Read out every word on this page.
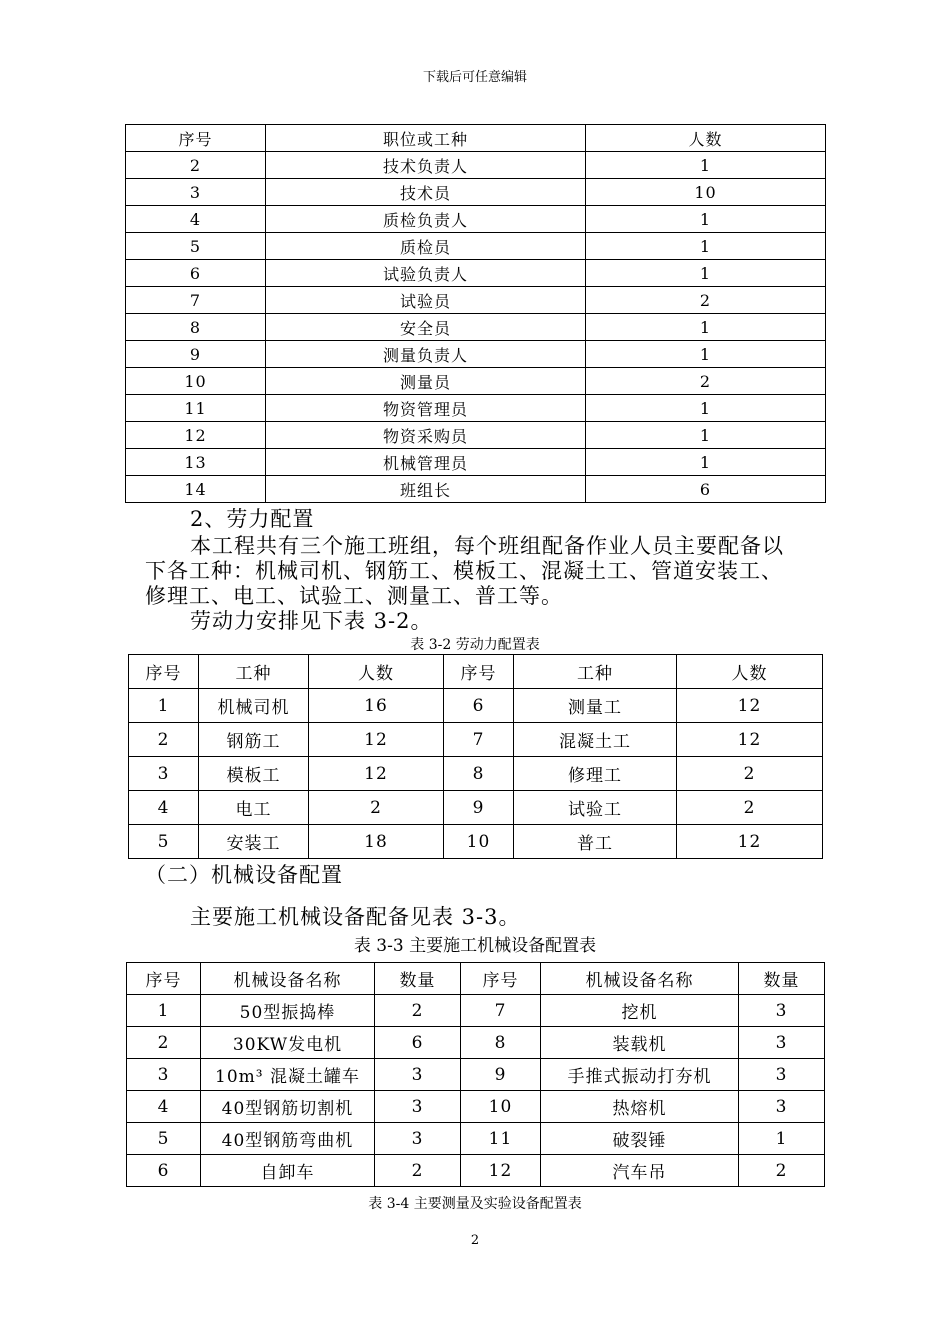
下载后可任意编辑
序号	职位或工种	人数
2	技术负责人	1
3	技术员	10
4	质检负责人	1
5	质检员	1
6	试验负责人	1
7	试验员	2
8	安全员	1
9	测量负责人	1
10	测量员	2
11	物资管理员	1
12	物资采购员	1
13	机械管理员	1
14	班组长	6
2、劳力配置
本工程共有三个施工班组，每个班组配备作业人员主要配备以
下各工种：机械司机、钢筋工、模板工、混凝土工、管道安装工、
修理工、电工、试验工、测量工、普工等。
劳动力安排见下表 3-2。
表 3-2 劳动力配置表
序号	工种	人数	序号	工种	人数
1	机械司机	16	6	测量工	12
2	钢筋工	12	7	混凝土工	12
3	模板工	12	8	修理工	2
4	电工	2	9	试验工	2
5	安装工	18	10	普工	12
（二）机械设备配置
主要施工机械设备配备见表 3-3。
表 3-3 主要施工机械设备配置表
序号	机械设备名称	数量	序号	机械设备名称	数量
1	50型振捣棒	2	7	挖机	3
2	30KW发电机	6	8	装载机	3
3	10m³ 混凝土罐车	3	9	手推式振动打夯机	3
4	40型钢筋切割机	3	10	热熔机	3
5	40型钢筋弯曲机	3	11	破裂锤	1
6	自卸车	2	12	汽车吊	2
表 3-4 主要测量及实验设备配置表
2
